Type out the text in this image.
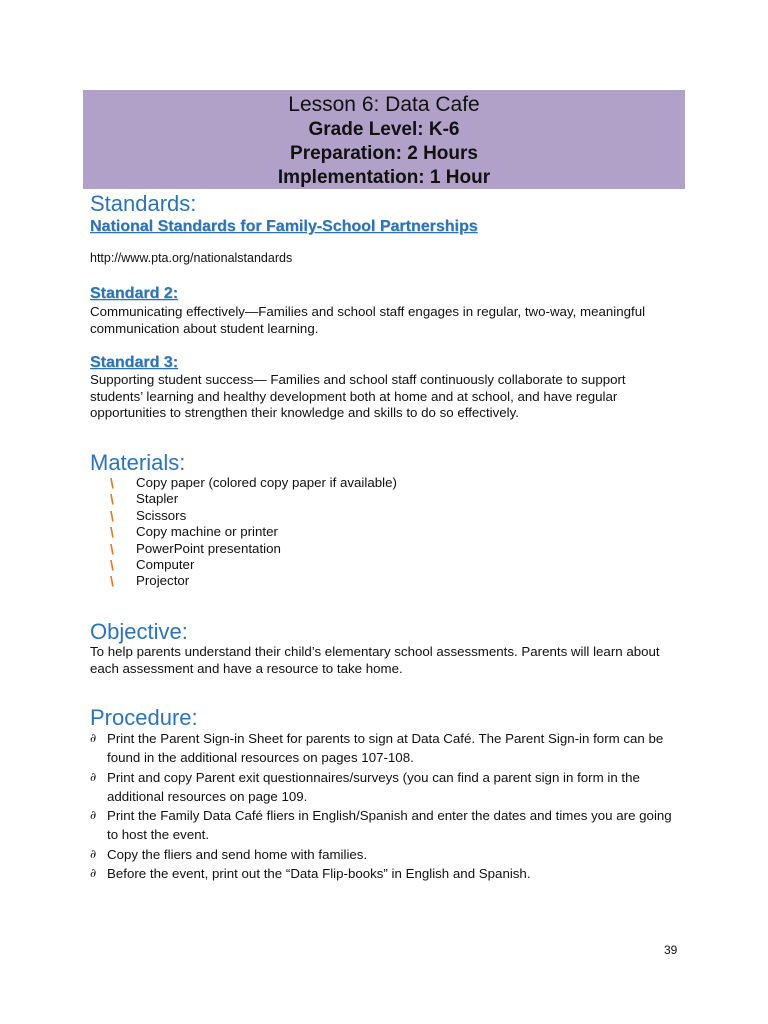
Lesson 6: Data Cafe
Grade Level: K-6
Preparation: 2 Hours
Implementation: 1 Hour
Standards:
National Standards for Family-School Partnerships
http://www.pta.org/nationalstandards
Standard 2:
Communicating effectively—Families and school staff engages in regular, two-way, meaningful communication about student learning.
Standard 3:
Supporting student success— Families and school staff continuously collaborate to support students’ learning and healthy development both at home and at school, and have regular opportunities to strengthen their knowledge and skills to do so effectively.
Materials:
\ Copy paper (colored copy paper if available)
\ Stapler
\ Scissors
\ Copy machine or printer
\ PowerPoint presentation
\ Computer
\ Projector
Objective:
To help parents understand their child’s elementary school assessments. Parents will learn about each assessment and have a resource to take home.
Procedure:
∂ Print the Parent Sign-in Sheet for parents to sign at Data Café. The Parent Sign-in form can be found in the additional resources on pages 107-108.
∂ Print and copy Parent exit questionnaires/surveys (you can find a parent sign in form in the additional resources on page 109.
∂ Print the Family Data Café fliers in English/Spanish and enter the dates and times you are going to host the event.
∂ Copy the fliers and send home with families.
∂ Before the event, print out the “Data Flip-books” in English and Spanish.
39
